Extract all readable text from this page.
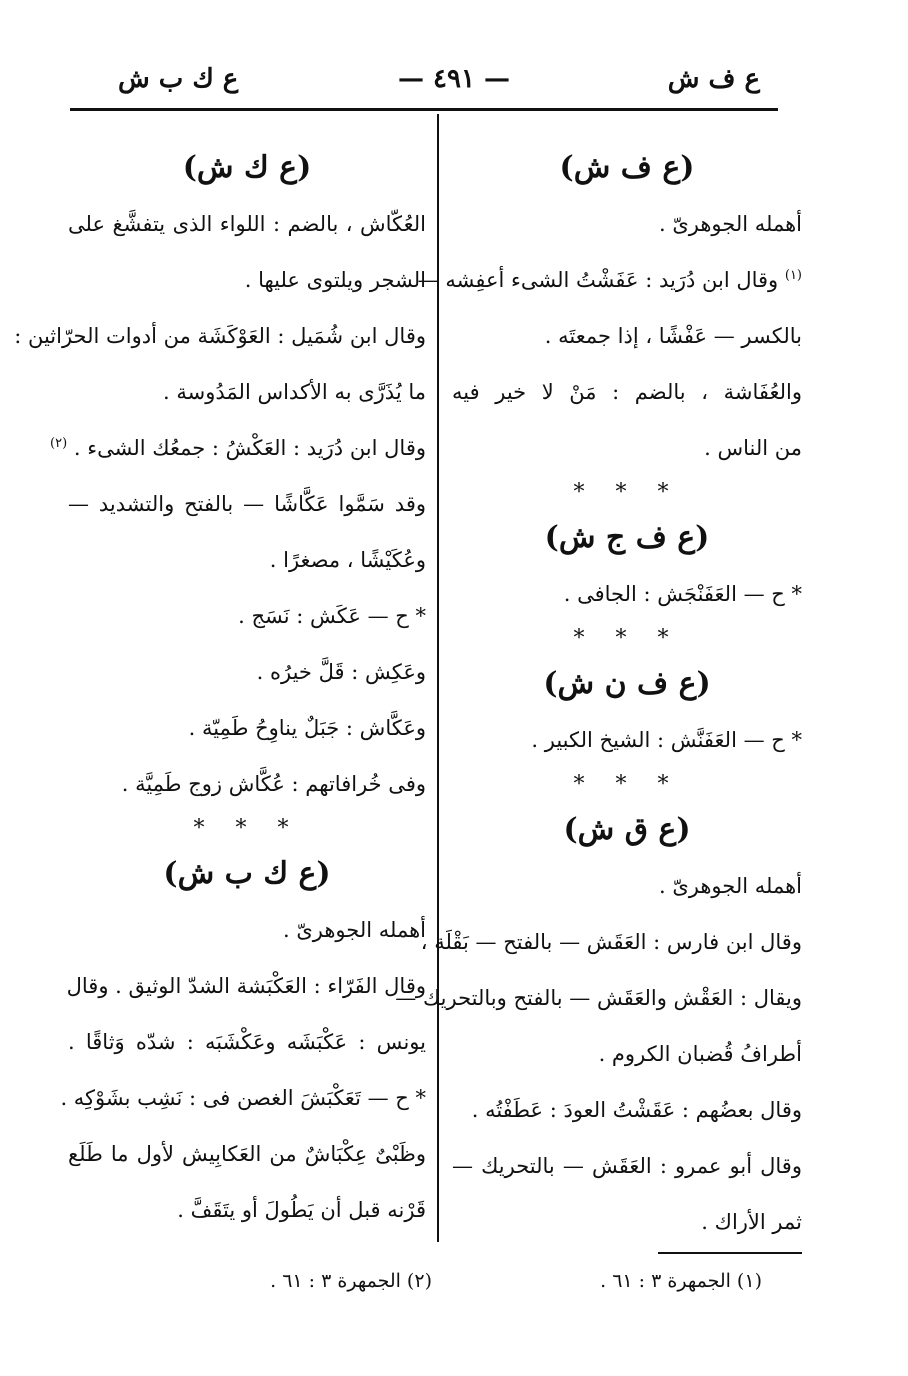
ع ف ش
— ٤٩١ —
ع ك ب ش

(ع ف ش)

أهمله الجوهرىّ .

$^{(١)}$ وقال ابن دُرَيد : عَفَشْتُ الشىء أعفِشه —

بالكسر — عَفْشًا ، إذا جمعتَه .

والعُفَاشة ، بالضم : مَنْ لا خير فيه

من الناس .

* * *

(ع ف ج ش)

* ح — العَفَنْجَش : الجافى .

* * *

(ع ف ن ش)

* ح — العَفَنَّش : الشيخ الكبير .

* * *

(ع ق ش)

أهمله الجوهرىّ .

وقال ابن فارس : العَقَش — بالفتح — بَقْلَة ،

ويقال : العَقْش والعَقَش — بالفتح وبالتحريك —

أطرافُ قُضبان الكروم .

وقال بعضُهم : عَقَشْتُ العودَ : عَطَفْتُه .

وقال أبو عمرو : العَقَش — بالتحريك —

ثمر الأراك .

(ع ك ش)

العُكّاش ، بالضم : اللواء الذى يتفشَّغ على

الشجر ويلتوى عليها .

وقال ابن شُمَيل : العَوْكَشَة من أدوات الحرّاثين :

ما يُذَرَّى به الأكداس المَدُوسة .

وقال ابن دُرَيد : العَكْشُ : جمعُك الشىء . $^{(٢)}$

وقد سَمَّوا عَكَّاشًا — بالفتح والتشديد —

وعُكَيْشًا ، مصغرًا .

* ح — عَكَش : نَسَج .

وعَكِش : قَلَّ خيرُه .

وعَكَّاش : جَبَلٌ يناوِحُ طَمِيّة .

وفى خُرافاتهم : عُكَّاش زوج طَمِيَّة .

* * *

(ع ك ب ش)

أهمله الجوهرىّ .

وقال الفَرّاء : العَكْبَشة الشدّ الوثيق . وقال

يونس : عَكْبَشَه وعَكْشَبَه : شدّه وَثاقًا .

* ح — تَعَكْبَشَ الغصن فى : نَشِب بشَوْكِه .

وظَبْىٌ عِكْبَاشٌ من العَكابِيش لأول ما طَلَع

قَرْنه قبل أن يَطُولَ أو يتَقَفَّ .

(١) الجمهرة ٣ : ٦١ .
(٢) الجمهرة ٣ : ٦١ .
